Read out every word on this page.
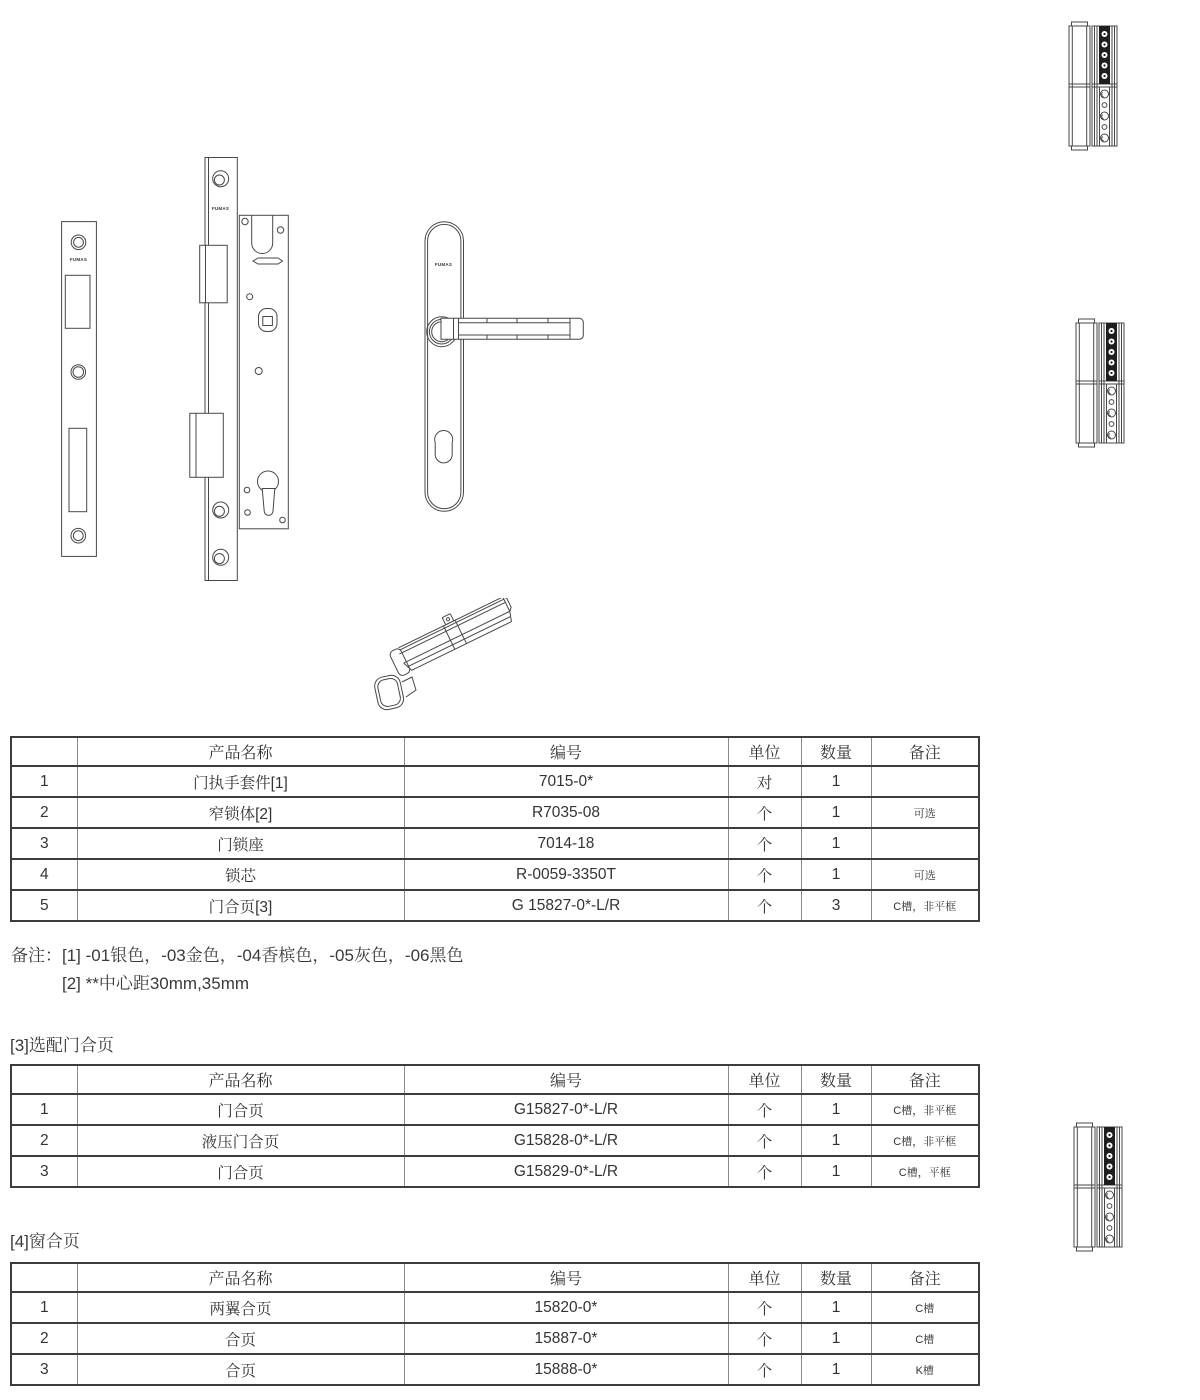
FUMAS
FUMAS
FUMAS
	产品名称	编号	单位	数量	备注
1	门执手套件[1]	7015-0*	对	1	
2	窄锁体[2]	R7035-08	个	1	可选
3	门锁座	7014-18	个	1	
4	锁芯	R-0059-3350T	个	1	可选
5	门合页[3]	G 15827-0*-L/R	个	3	C槽，非平框
备注： [1] -01银色，-03金色，-04香槟色，-05灰色，-06黑色
[2] **中心距30mm,35mm
[3]选配门合页
	产品名称	编号	单位	数量	备注
1	门合页	G15827-0*-L/R	个	1	C槽，非平框
2	液压门合页	G15828-0*-L/R	个	1	C槽，非平框
3	门合页	G15829-0*-L/R	个	1	C槽，平框
[4]窗合页
	产品名称	编号	单位	数量	备注
1	两翼合页	15820-0*	个	1	C槽
2	合页	15887-0*	个	1	C槽
3	合页	15888-0*	个	1	K槽
